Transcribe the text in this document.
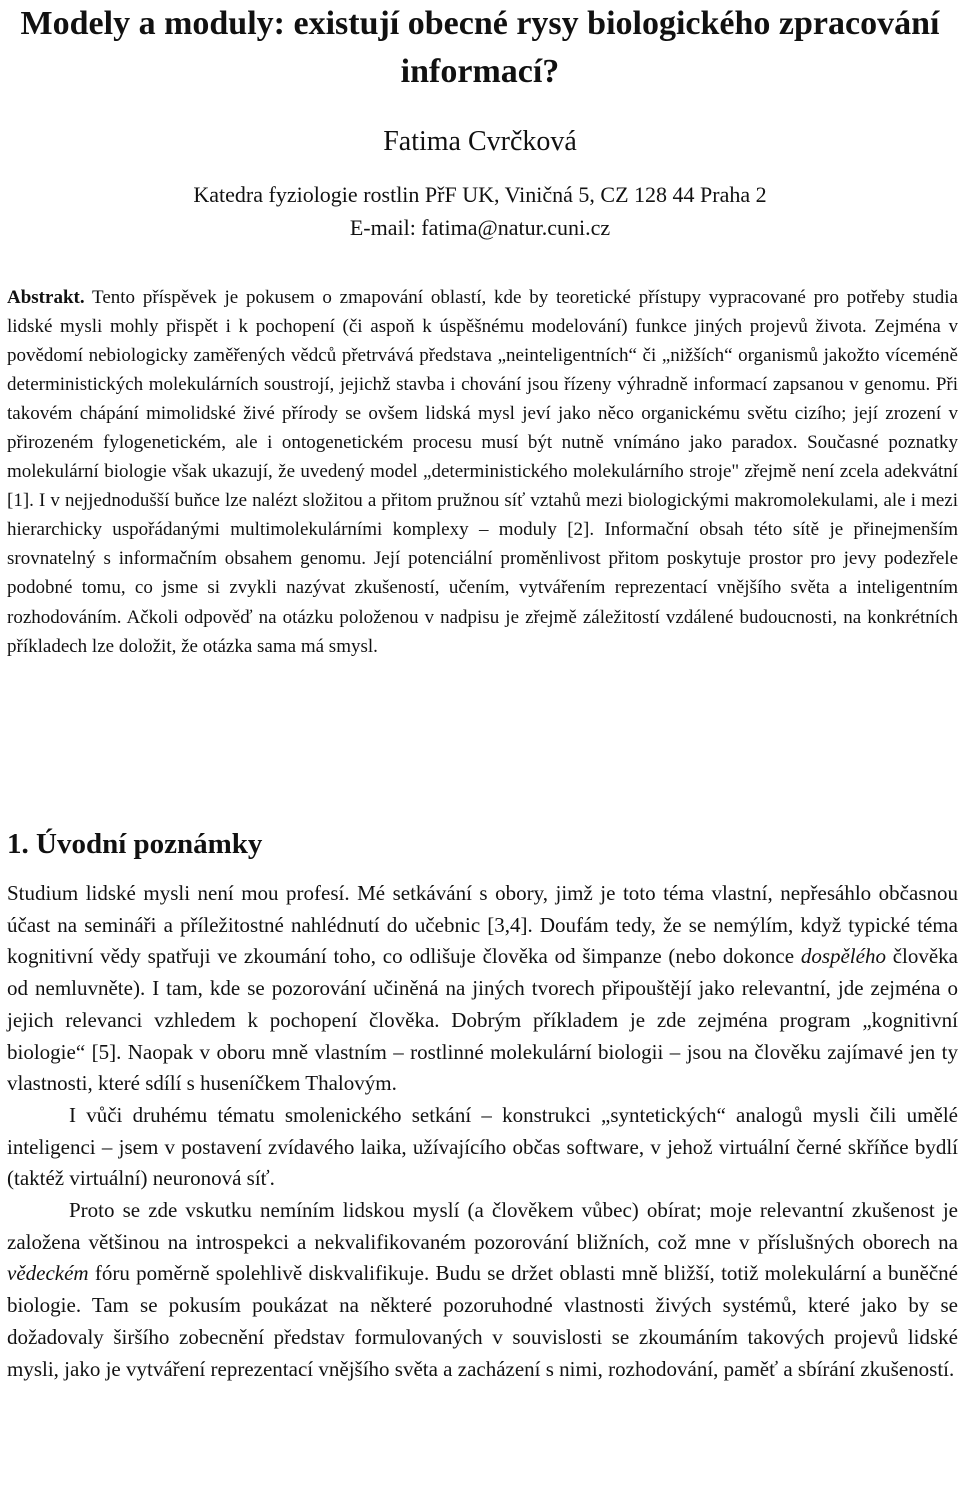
Modely a moduly: existují obecné rysy biologického zpracování informací?
Fatima Cvrčková
Katedra fyziologie rostlin PřF UK, Viničná 5, CZ 128 44 Praha 2
E-mail: fatima@natur.cuni.cz
Abstrakt. Tento příspěvek je pokusem o zmapování oblastí, kde by teoretické přístupy vypracované pro potřeby studia lidské mysli mohly přispět i k pochopení (či aspoň k úspěšnému modelování) funkce jiných projevů života. Zejména v povědomí nebiologicky zaměřených vědců přetrvává představa „neinteligentních“ či „nižších“ organismů jakožto víceméně deterministických molekulárních soustrojí, jejichž stavba i chování jsou řízeny výhradně informací zapsanou v genomu. Při takovém chápání mimolidské živé přírody se ovšem lidská mysl jeví jako něco organickému světu cizího; její zrození v přirozeném fylogenetickém, ale i ontogenetickém procesu musí být nutně vnímáno jako paradox. Současné poznatky molekulární biologie však ukazují, že uvedený model „deterministického molekulárního stroje" zřejmě není zcela adekvátní [1]. I v nejjednodušší buňce lze nalézt složitou a přitom pružnou síť vztahů mezi biologickými makromolekulami, ale i mezi hierarchicky uspořádanými multimolekulárními komplexy – moduly [2]. Informační obsah této sítě je přinejmenším srovnatelný s informačním obsahem genomu. Její potenciální proměnlivost přitom poskytuje prostor pro jevy podezřele podobné tomu, co jsme si zvykli nazývat zkušeností, učením, vytvářením reprezentací vnějšího světa a inteligentním rozhodováním. Ačkoli odpověď na otázku položenou v nadpisu je zřejmě záležitostí vzdálené budoucnosti, na konkrétních příkladech lze doložit, že otázka sama má smysl.
1. Úvodní poznámky

Studium lidské mysli není mou profesí. Mé setkávání s obory, jimž je toto téma vlastní, nepřesáhlo občasnou účast na semináři a příležitostné nahlédnutí do učebnic [3,4]. Doufám tedy, že se nemýlím, když typické téma kognitivní vědy spatřuji ve zkoumání toho, co odlišuje člověka od šimpanze (nebo dokonce dospělého člověka od nemluvněte). I tam, kde se pozorování učiněná na jiných tvorech připouštějí jako relevantní, jde zejména o jejich relevanci vzhledem k pochopení člověka. Dobrým příkladem je zde zejména program „kognitivní biologie“ [5]. Naopak v oboru mně vlastním – rostlinné molekulární biologii – jsou na člověku zajímavé jen ty vlastnosti, které sdílí s huseníčkem Thalovým.

I vůči druhému tématu smolenického setkání – konstrukci „syntetických“ analogů mysli čili umělé inteligenci – jsem v postavení zvídavého laika, užívajícího občas software, v jehož virtuální černé skříňce bydlí (taktéž virtuální) neuronová síť.

Proto se zde vskutku nemíním lidskou myslí (a člověkem vůbec) obírat; moje relevantní zkušenost je založena většinou na introspekci a nekvalifikovaném pozorování bližních, což mne v příslušných oborech na vědeckém fóru poměrně spolehlivě diskvalifikuje. Budu se držet oblasti mně bližší, totiž molekulární a buněčné biologie. Tam se pokusím poukázat na některé pozoruhodné vlastnosti živých systémů, které jako by se dožadovaly širšího zobecnění představ formulovaných v souvislosti se zkoumáním takových projevů lidské mysli, jako je vytváření reprezentací vnějšího světa a zacházení s nimi, rozhodování, paměť a sbírání zkušeností.
